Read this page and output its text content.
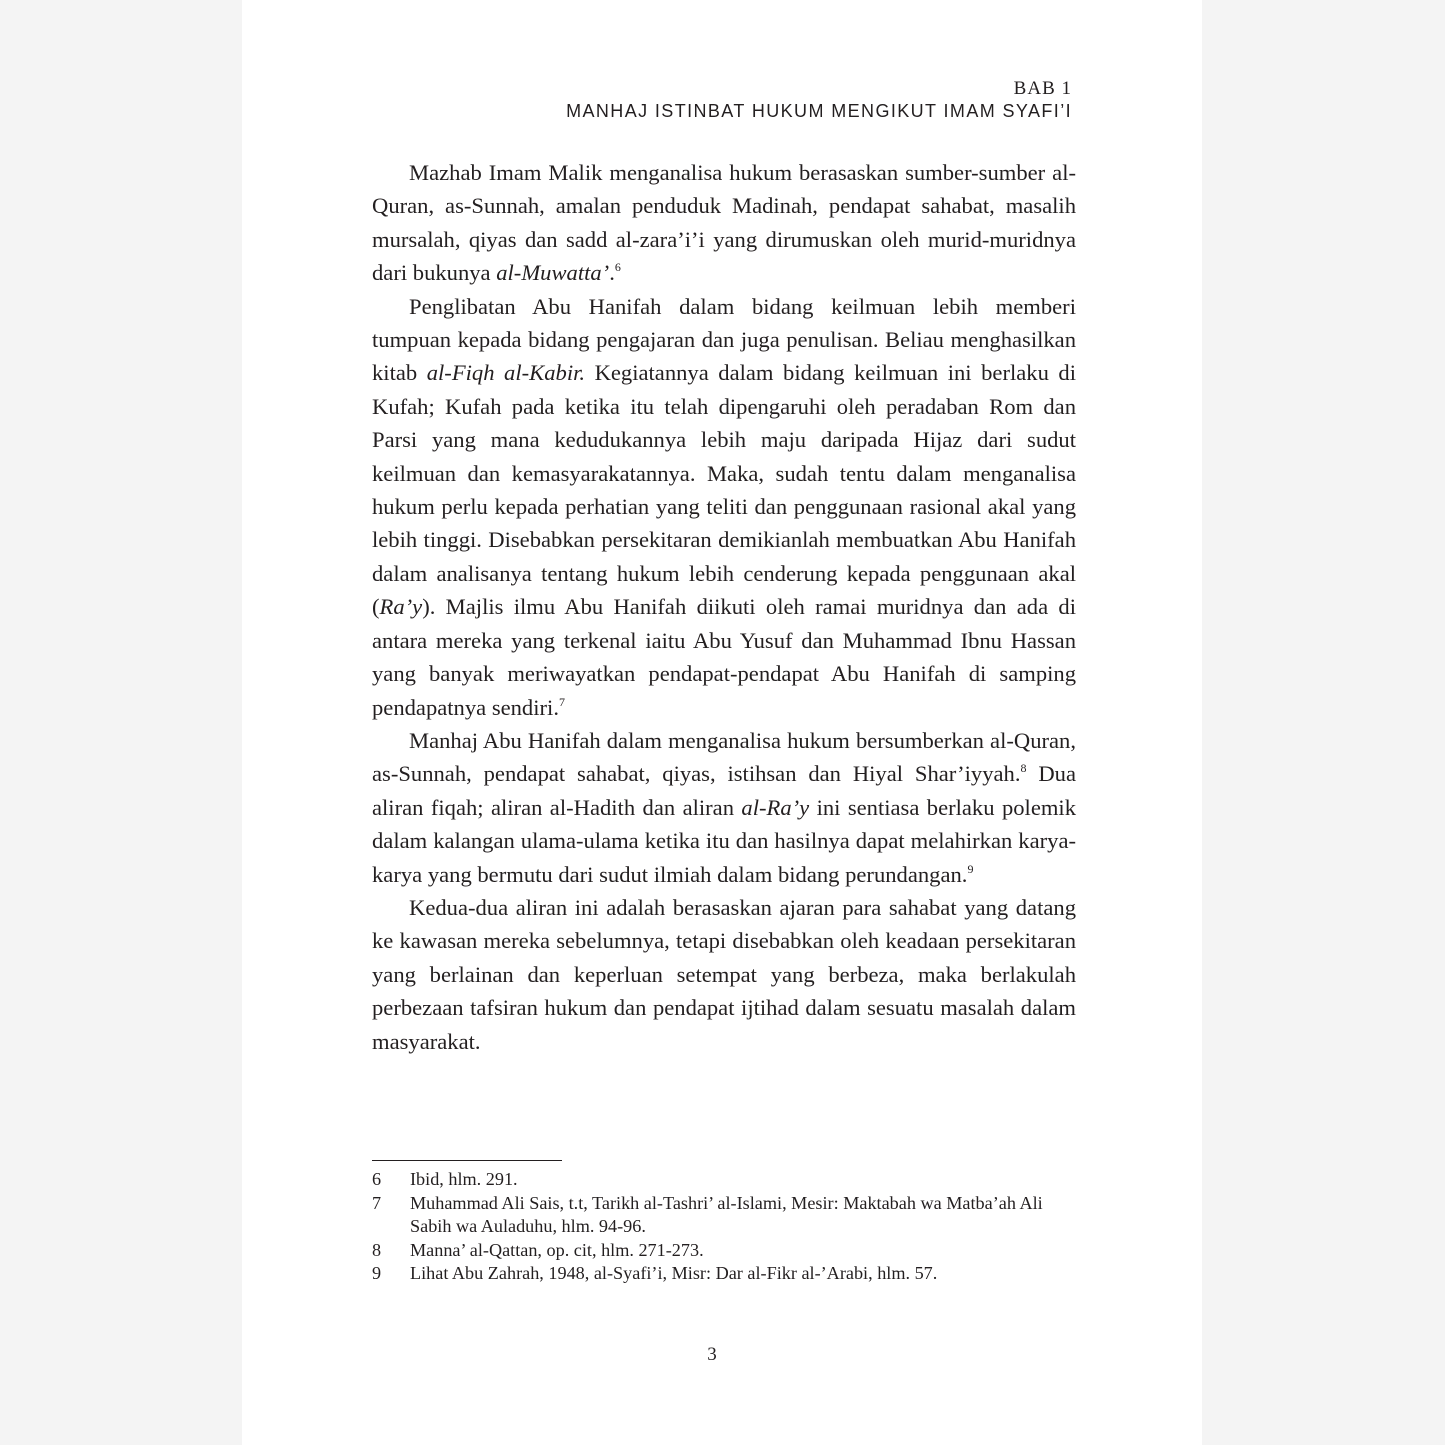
BAB 1
MANHAJ ISTINBAT HUKUM MENGIKUT IMAM SYAFI’I

Mazhab Imam Malik menganalisa hukum berasaskan sumber-sumber al-Quran, as-Sunnah, amalan penduduk Madinah, pendapat sahabat, masalih mursalah, qiyas dan sadd al-zara’i’i yang dirumuskan oleh murid-muridnya dari bukunya al-Muwatta’.$^6$

Penglibatan Abu Hanifah dalam bidang keilmuan lebih memberi tumpuan kepada bidang pengajaran dan juga penulisan. Beliau menghasilkan kitab al-Fiqh al-Kabir. Kegiatannya dalam bidang keilmuan ini berlaku di Kufah; Kufah pada ketika itu telah dipengaruhi oleh peradaban Rom dan Parsi yang mana kedudukannya lebih maju daripada Hijaz dari sudut keilmuan dan kemasyarakatannya. Maka, sudah tentu dalam menganalisa hukum perlu kepada perhatian yang teliti dan penggunaan rasional akal yang lebih tinggi. Disebabkan persekitaran demikianlah membuatkan Abu Hanifah dalam analisanya tentang hukum lebih cenderung kepada penggunaan akal (Ra’y). Majlis ilmu Abu Hanifah diikuti oleh ramai muridnya dan ada di antara mereka yang terkenal iaitu Abu Yusuf dan Muhammad Ibnu Hassan yang banyak meriwayatkan pendapat-pendapat Abu Hanifah di samping pendapatnya sendiri.$^7$

Manhaj Abu Hanifah dalam menganalisa hukum bersumberkan al-Quran, as-Sunnah, pendapat sahabat, qiyas, istihsan dan Hiyal Shar’iyyah.$^8$ Dua aliran fiqah; aliran al-Hadith dan aliran al-Ra’y ini sentiasa berlaku polemik dalam kalangan ulama-ulama ketika itu dan hasilnya dapat melahirkan karya-karya yang bermutu dari sudut ilmiah dalam bidang perundangan.$^9$

Kedua-dua aliran ini adalah berasaskan ajaran para sahabat yang datang ke kawasan mereka sebelumnya, tetapi disebabkan oleh keadaan persekitaran yang berlainan dan keperluan setempat yang berbeza, maka berlakulah perbezaan tafsiran hukum dan pendapat ijtihad dalam sesuatu masalah dalam masyarakat.

6	Ibid, hlm. 291.
7	Muhammad Ali Sais, t.t, Tarikh al-Tashri’ al-Islami, Mesir: Maktabah wa Matba’ah Ali Sabih wa Auladuhu, hlm. 94-96.
8	Manna’ al-Qattan, op. cit, hlm. 271-273.
9	Lihat Abu Zahrah, 1948, al-Syafi’i, Misr: Dar al-Fikr al-’Arabi, hlm. 57.
3
